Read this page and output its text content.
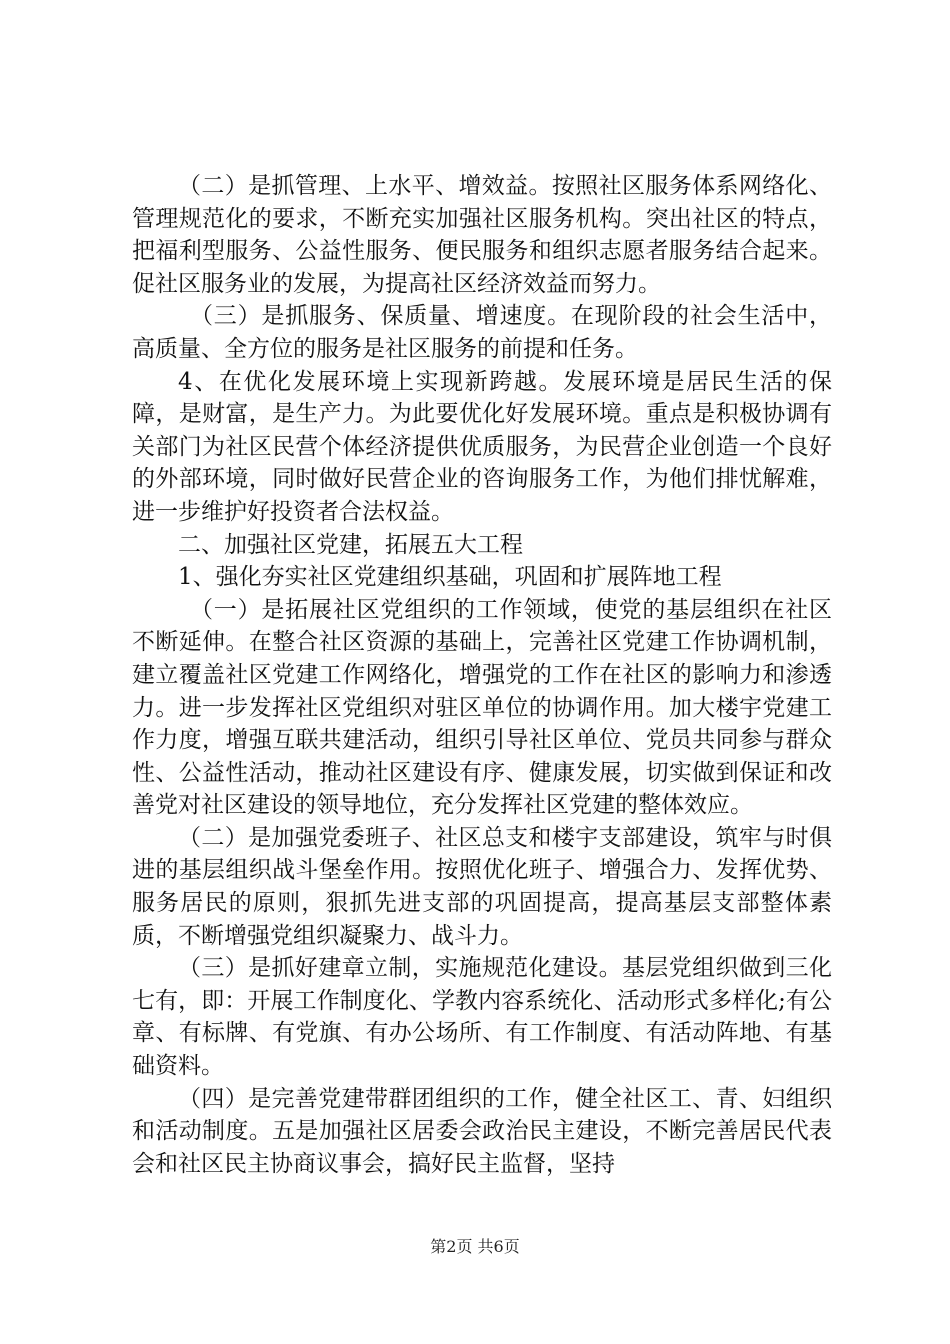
（二）是抓管理、上水平、增效益。按照社区服务体系网络化、管理规范化的要求，不断充实加强社区服务机构。突出社区的特点，把福利型服务、公益性服务、便民服务和组织志愿者服务结合起来。促社区服务业的发展，为提高社区经济效益而努力。

（三）是抓服务、保质量、增速度。在现阶段的社会生活中，高质量、全方位的服务是社区服务的前提和任务。

4、在优化发展环境上实现新跨越。发展环境是居民生活的保障，是财富，是生产力。为此要优化好发展环境。重点是积极协调有关部门为社区民营个体经济提供优质服务，为民营企业创造一个良好的外部环境，同时做好民营企业的咨询服务工作，为他们排忧解难，进一步维护好投资者合法权益。

二、加强社区党建，拓展五大工程

1、强化夯实社区党建组织基础，巩固和扩展阵地工程

（一）是拓展社区党组织的工作领域，使党的基层组织在社区不断延伸。在整合社区资源的基础上，完善社区党建工作协调机制，建立覆盖社区党建工作网络化，增强党的工作在社区的影响力和渗透力。进一步发挥社区党组织对驻区单位的协调作用。加大楼宇党建工作力度，增强互联共建活动，组织引导社区单位、党员共同参与群众性、公益性活动，推动社区建设有序、健康发展，切实做到保证和改善党对社区建设的领导地位，充分发挥社区党建的整体效应。

（二）是加强党委班子、社区总支和楼宇支部建设，筑牢与时俱进的基层组织战斗堡垒作用。按照优化班子、增强合力、发挥优势、服务居民的原则，狠抓先进支部的巩固提高，提高基层支部整体素质，不断增强党组织凝聚力、战斗力。

（三）是抓好建章立制，实施规范化建设。基层党组织做到三化七有，即：开展工作制度化、学教内容系统化、活动形式多样化;有公章、有标牌、有党旗、有办公场所、有工作制度、有活动阵地、有基础资料。

（四）是完善党建带群团组织的工作，健全社区工、青、妇组织和活动制度。五是加强社区居委会政治民主建设，不断完善居民代表会和社区民主协商议事会，搞好民主监督，坚持

第2页 共6页
